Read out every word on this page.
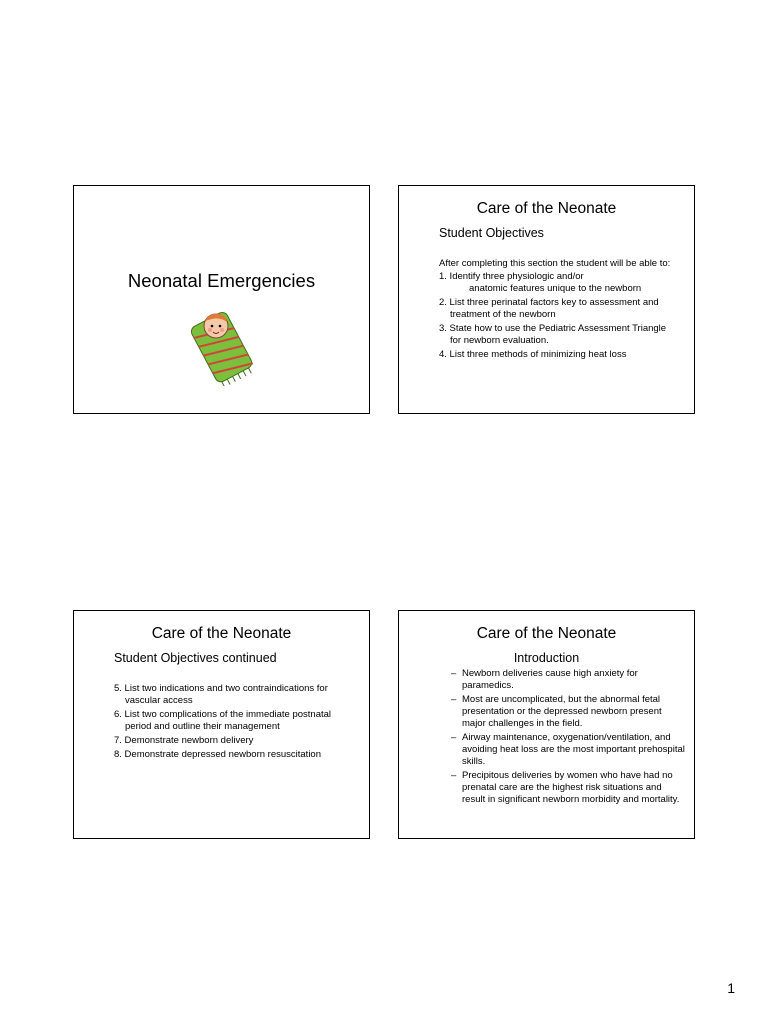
Neonatal Emergencies
Care of the Neonate
Student Objectives
After completing this section the student will be able to:
1. Identify three physiologic and/or

anatomic features unique to the newborn
2. List three perinatal factors key to assessment and

treatment of the newborn
3. State how to use the Pediatric Assessment Triangle

for newborn evaluation.
4. List three methods of minimizing heat loss
Care of the Neonate
Student Objectives continued
5. List two indications and two contraindications for

vascular access
6. List two complications of the immediate postnatal

period and outline their management
7. Demonstrate newborn delivery
8. Demonstrate depressed newborn resuscitation
Care of the Neonate
Introduction
– Newborn deliveries cause high anxiety for paramedics.
– Most are uncomplicated, but the abnormal fetal presentation or the depressed newborn present major challenges in the field.
– Airway maintenance, oxygenation/ventilation, and avoiding heat loss are the most important prehospital skills.
– Precipitous deliveries by women who have had no prenatal care are the highest risk situations and result in significant newborn morbidity and mortality.
1
